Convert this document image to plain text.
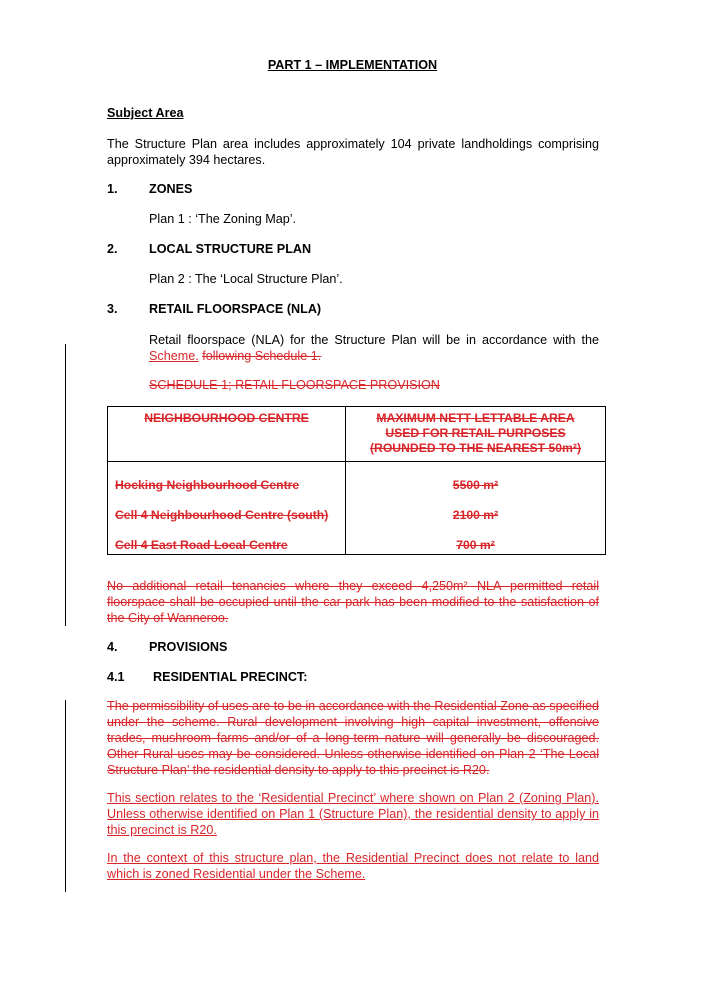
PART 1 – IMPLEMENTATION
Subject Area
The Structure Plan area includes approximately 104 private landholdings comprising approximately 394 hectares.
1. ZONES
Plan 1 : ‘The Zoning Map’.
2. LOCAL STRUCTURE PLAN
Plan 2 : The ‘Local Structure Plan’.
3. RETAIL FLOORSPACE (NLA)
Retail floorspace (NLA) for the Structure Plan will be in accordance with the
Scheme. following Schedule 1.
SCHEDULE 1; RETAIL FLOORSPACE PROVISION
NEIGHBOURHOOD CENTRE	MAXIMUM NETT LETTABLE AREA
USED FOR RETAIL PURPOSES
(ROUNDED TO THE NEAREST 50m²)
Hocking Neighbourhood Centre	5500 m²
Cell 4 Neighbourhood Centre (south)	2100 m²
Cell 4 East Road Local Centre	700 m²
No additional retail tenancies where they exceed 4,250m² NLA permitted retail floorspace shall be occupied until the car park has been modified to the satisfaction of the City of Wanneroo.
4. PROVISIONS
4.1 RESIDENTIAL PRECINCT:
The permissibility of uses are to be in accordance with the Residential Zone as specified under the scheme. Rural development involving high capital investment, offensive trades, mushroom farms and/or of a long-term nature will generally be discouraged. Other Rural uses may be considered. Unless otherwise identified on Plan 2 ‘The Local Structure Plan’ the residential density to apply to this precinct is R20.
This section relates to the ‘Residential Precinct’ where shown on Plan 2 (Zoning Plan). Unless otherwise identified on Plan 1 (Structure Plan), the residential density to apply in this precinct is R20.
In the context of this structure plan, the Residential Precinct does not relate to land which is zoned Residential under the Scheme.
